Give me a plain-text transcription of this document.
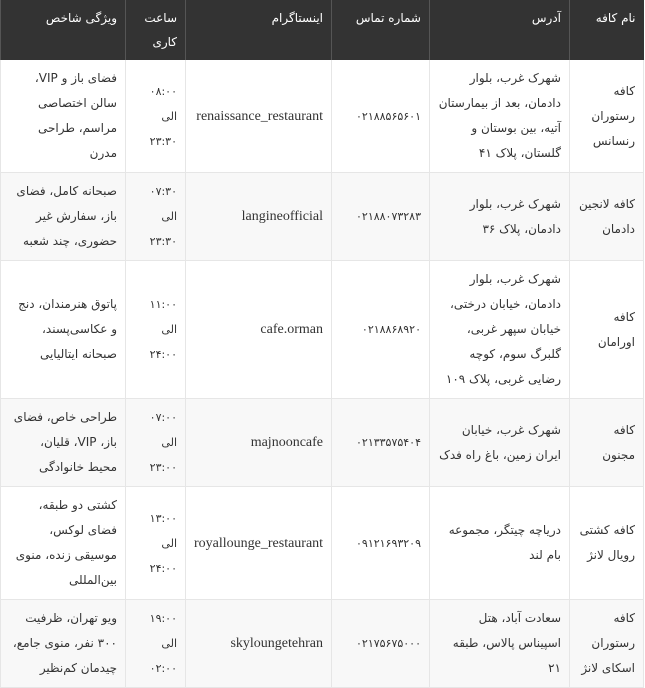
نام کافه	آدرس	شماره تماس	اینستاگرام	ساعت کاری	ویژگی شاخص
کافه رستوران رنسانس	شهرک غرب، بلوار دادمان، بعد از بیمارستان آتیه، بین بوستان و گلستان، پلاک ۴۱	۰۲۱۸۸۵۶۵۶۰۱	renaissance_restaurant	۰۸:۰۰ الی ۲۳:۳۰	فضای باز و VIP، سالن اختصاصی مراسم، طراحی مدرن
کافه لانجین دادمان	شهرک غرب، بلوار دادمان، پلاک ۳۶	۰۲۱۸۸۰۷۳۲۸۳	langineofficial	۰۷:۳۰ الی ۲۳:۳۰	صبحانه کامل، فضای باز، سفارش غیر حضوری، چند شعبه
کافه اورامان	شهرک غرب، بلوار دادمان، خیابان درختی، خیابان سپهر غربی، گلبرگ سوم، کوچه رضایی غربی، پلاک ۱۰۹	۰۲۱۸۸۶۸۹۲۰	cafe.orman	۱۱:۰۰ الی ۲۴:۰۰	پاتوق هنرمندان، دنج و عکاسی‌پسند، صبحانه ایتالیایی
کافه مجنون	شهرک غرب، خیابان ایران زمین، باغ راه فدک	۰۲۱۳۳۵۷۵۴۰۴	majnooncafe	۰۷:۰۰ الی ۲۳:۰۰	طراحی خاص، فضای باز، VIP، قلیان، محیط خانوادگی
کافه کشتی رویال لانژ	دریاچه چیتگر، مجموعه بام لند	۰۹۱۲۱۶۹۳۲۰۹	royallounge_restaurant	۱۳:۰۰ الی ۲۴:۰۰	کشتی دو طبقه، فضای لوکس، موسیقی زنده، منوی بین‌المللی
کافه رستوران اسکای لانژ	سعادت آباد، هتل اسپیناس پالاس، طبقه ۲۱	۰۲۱۷۵۶۷۵۰۰۰	skyloungetehran	۱۹:۰۰ الی ۰۲:۰۰	ویو تهران، ظرفیت ۳۰۰ نفر، منوی جامع، چیدمان کم‌نظیر
